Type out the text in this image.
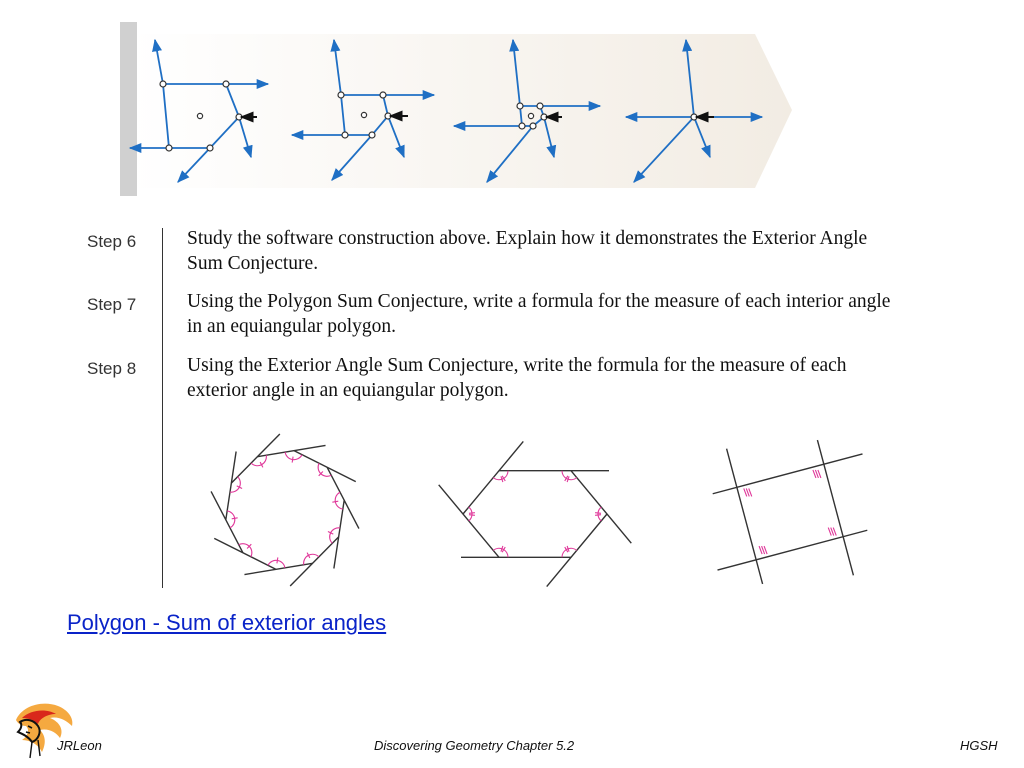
Step 6	Study the software construction above. Explain how it demonstrates the Exterior Angle Sum Conjecture.
Step 7	Using the Polygon Sum Conjecture, write a formula for the measure of each interior angle in an equiangular polygon.
Step 8	Using the Exterior Angle Sum Conjecture, write the formula for the measure of each exterior angle in an equiangular polygon.
Polygon - Sum of exterior angles
JRLeon	Discovering Geometry Chapter 5.2	HGSH
